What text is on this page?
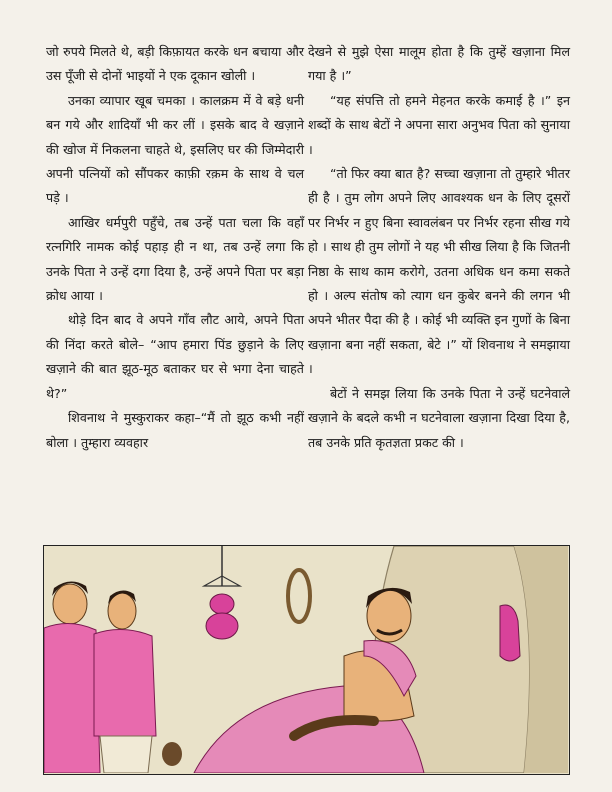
जो रुपये मिलते थे, बड़ी किफ़ायत करके धन बचाया और उस पूँजी से दोनों भाइयों ने एक दूकान खोली ।

उनका व्यापार खूब चमका । कालक्रम में वे बड़े धनी बन गये और शादियाँ भी कर लीं । इसके बाद वे खज़ाने की खोज में निकलना चाहते थे, इसलिए घर की जिम्मेदारी अपनी पत्नियों को सौंपकर काफ़ी रक़म के साथ वे चल पड़े ।

आखिर धर्मपुरी पहुँचे, तब उन्हें पता चला कि वहाँ रत्नगिरि नामक कोई पहाड़ ही न था, तब उन्हें लगा कि उनके पिता ने उन्हें दगा दिया है, उन्हें अपने पिता पर बड़ा क्रोध आया ।

थोड़े दिन बाद वे अपने गाँव लौट आये, अपने पिता की निंदा करते बोले– “आप हमारा पिंड छुड़ाने के लिए खज़ाने की बात झूठ-मूठ बताकर घर से भगा देना चाहते थे?”

शिवनाथ ने मुस्कुराकर कहा–“मैं तो झूठ कभी नहीं बोला । तुम्हारा व्यवहार

देखने से मुझे ऐसा मालूम होता है कि तुम्हें खज़ाना मिल गया है ।”

“यह संपत्ति तो हमने मेहनत करके कमाई है ।” इन शब्दों के साथ बेटों ने अपना सारा अनुभव पिता को सुनाया ।

“तो फिर क्या बात है? सच्चा खज़ाना तो तुम्हारे भीतर ही है । तुम लोग अपने लिए आवश्यक धन के लिए दूसरों पर निर्भर न हुए बिना स्वावलंबन पर निर्भर रहना सीख गये हो । साथ ही तुम लोगों ने यह भी सीख लिया है कि जितनी निष्ठा के साथ काम करोगे, उतना अधिक धन कमा सकते हो । अल्प संतोष को त्याग धन कुबेर बनने की लगन भी अपने भीतर पैदा की है । कोई भी व्यक्ति इन गुणों के बिना खज़ाना बना नहीं सकता, बेटे ।” यों शिवनाथ ने समझाया ।

बेटों ने समझ लिया कि उनके पिता ने उन्हें घटनेवाले खज़ाने के बदले कभी न घटनेवाला खज़ाना दिखा दिया है, तब उनके प्रति कृतज्ञता प्रकट की ।
